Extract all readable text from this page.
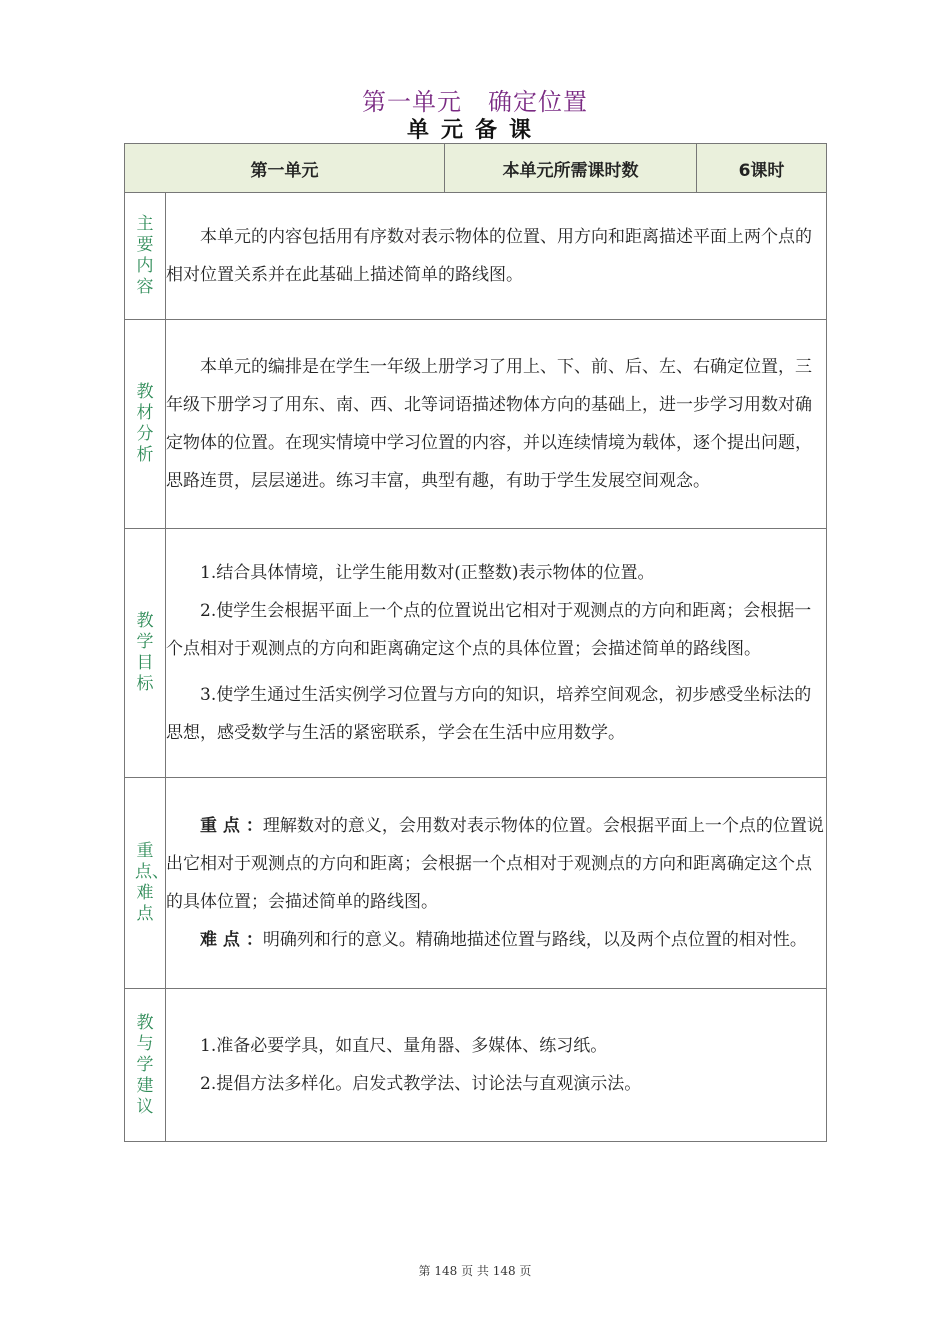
第一单元 确定位置
单元备课
第一单元		本单元所需课时数	6课时
主要内容	本单元的内容包括用有序数对表示物体的位置、用方向和距离描述平面上两个点的相对位置关系并在此基础上描述简单的路线图。		

教材分析	本单元的编排是在学生一年级上册学习了用上、下、前、后、左、右确定位置，三年级下册学习了用东、南、西、北等词语描述物体方向的基础上，进一步学习用数对确定物体的位置。在现实情境中学习位置的内容，并以连续情境为载体，逐个提出问题，思路连贯，层层递进。练习丰富，典型有趣，有助于学生发展空间观念。		

教学目标	1.结合具体情境，让学生能用数对(正整数)表示物体的位置。

2.使学生会根据平面上一个点的位置说出它相对于观测点的方向和距离；会根据一个点相对于观测点的方向和距离确定这个点的具体位置；会描述简单的路线图。

3.使学生通过生活实例学习位置与方向的知识，培养空间观念，初步感受坐标法的思想，感受数学与生活的紧密联系，学会在生活中应用数学。		

重点、难点	重 点 ：理解数对的意义，会用数对表示物体的位置。会根据平面上一个点的位置说出它相对于观测点的方向和距离；会根据一个点相对于观测点的方向和距离确定这个点的具体位置；会描述简单的路线图。

难 点 ：明确列和行的意义。精确地描述位置与路线，以及两个点位置的相对性。		

教与学建议	1.准备必要学具，如直尺、量角器、多媒体、练习纸。

2.提倡方法多样化。启发式教学法、讨论法与直观演示法。		

第 148 页 共 148 页
